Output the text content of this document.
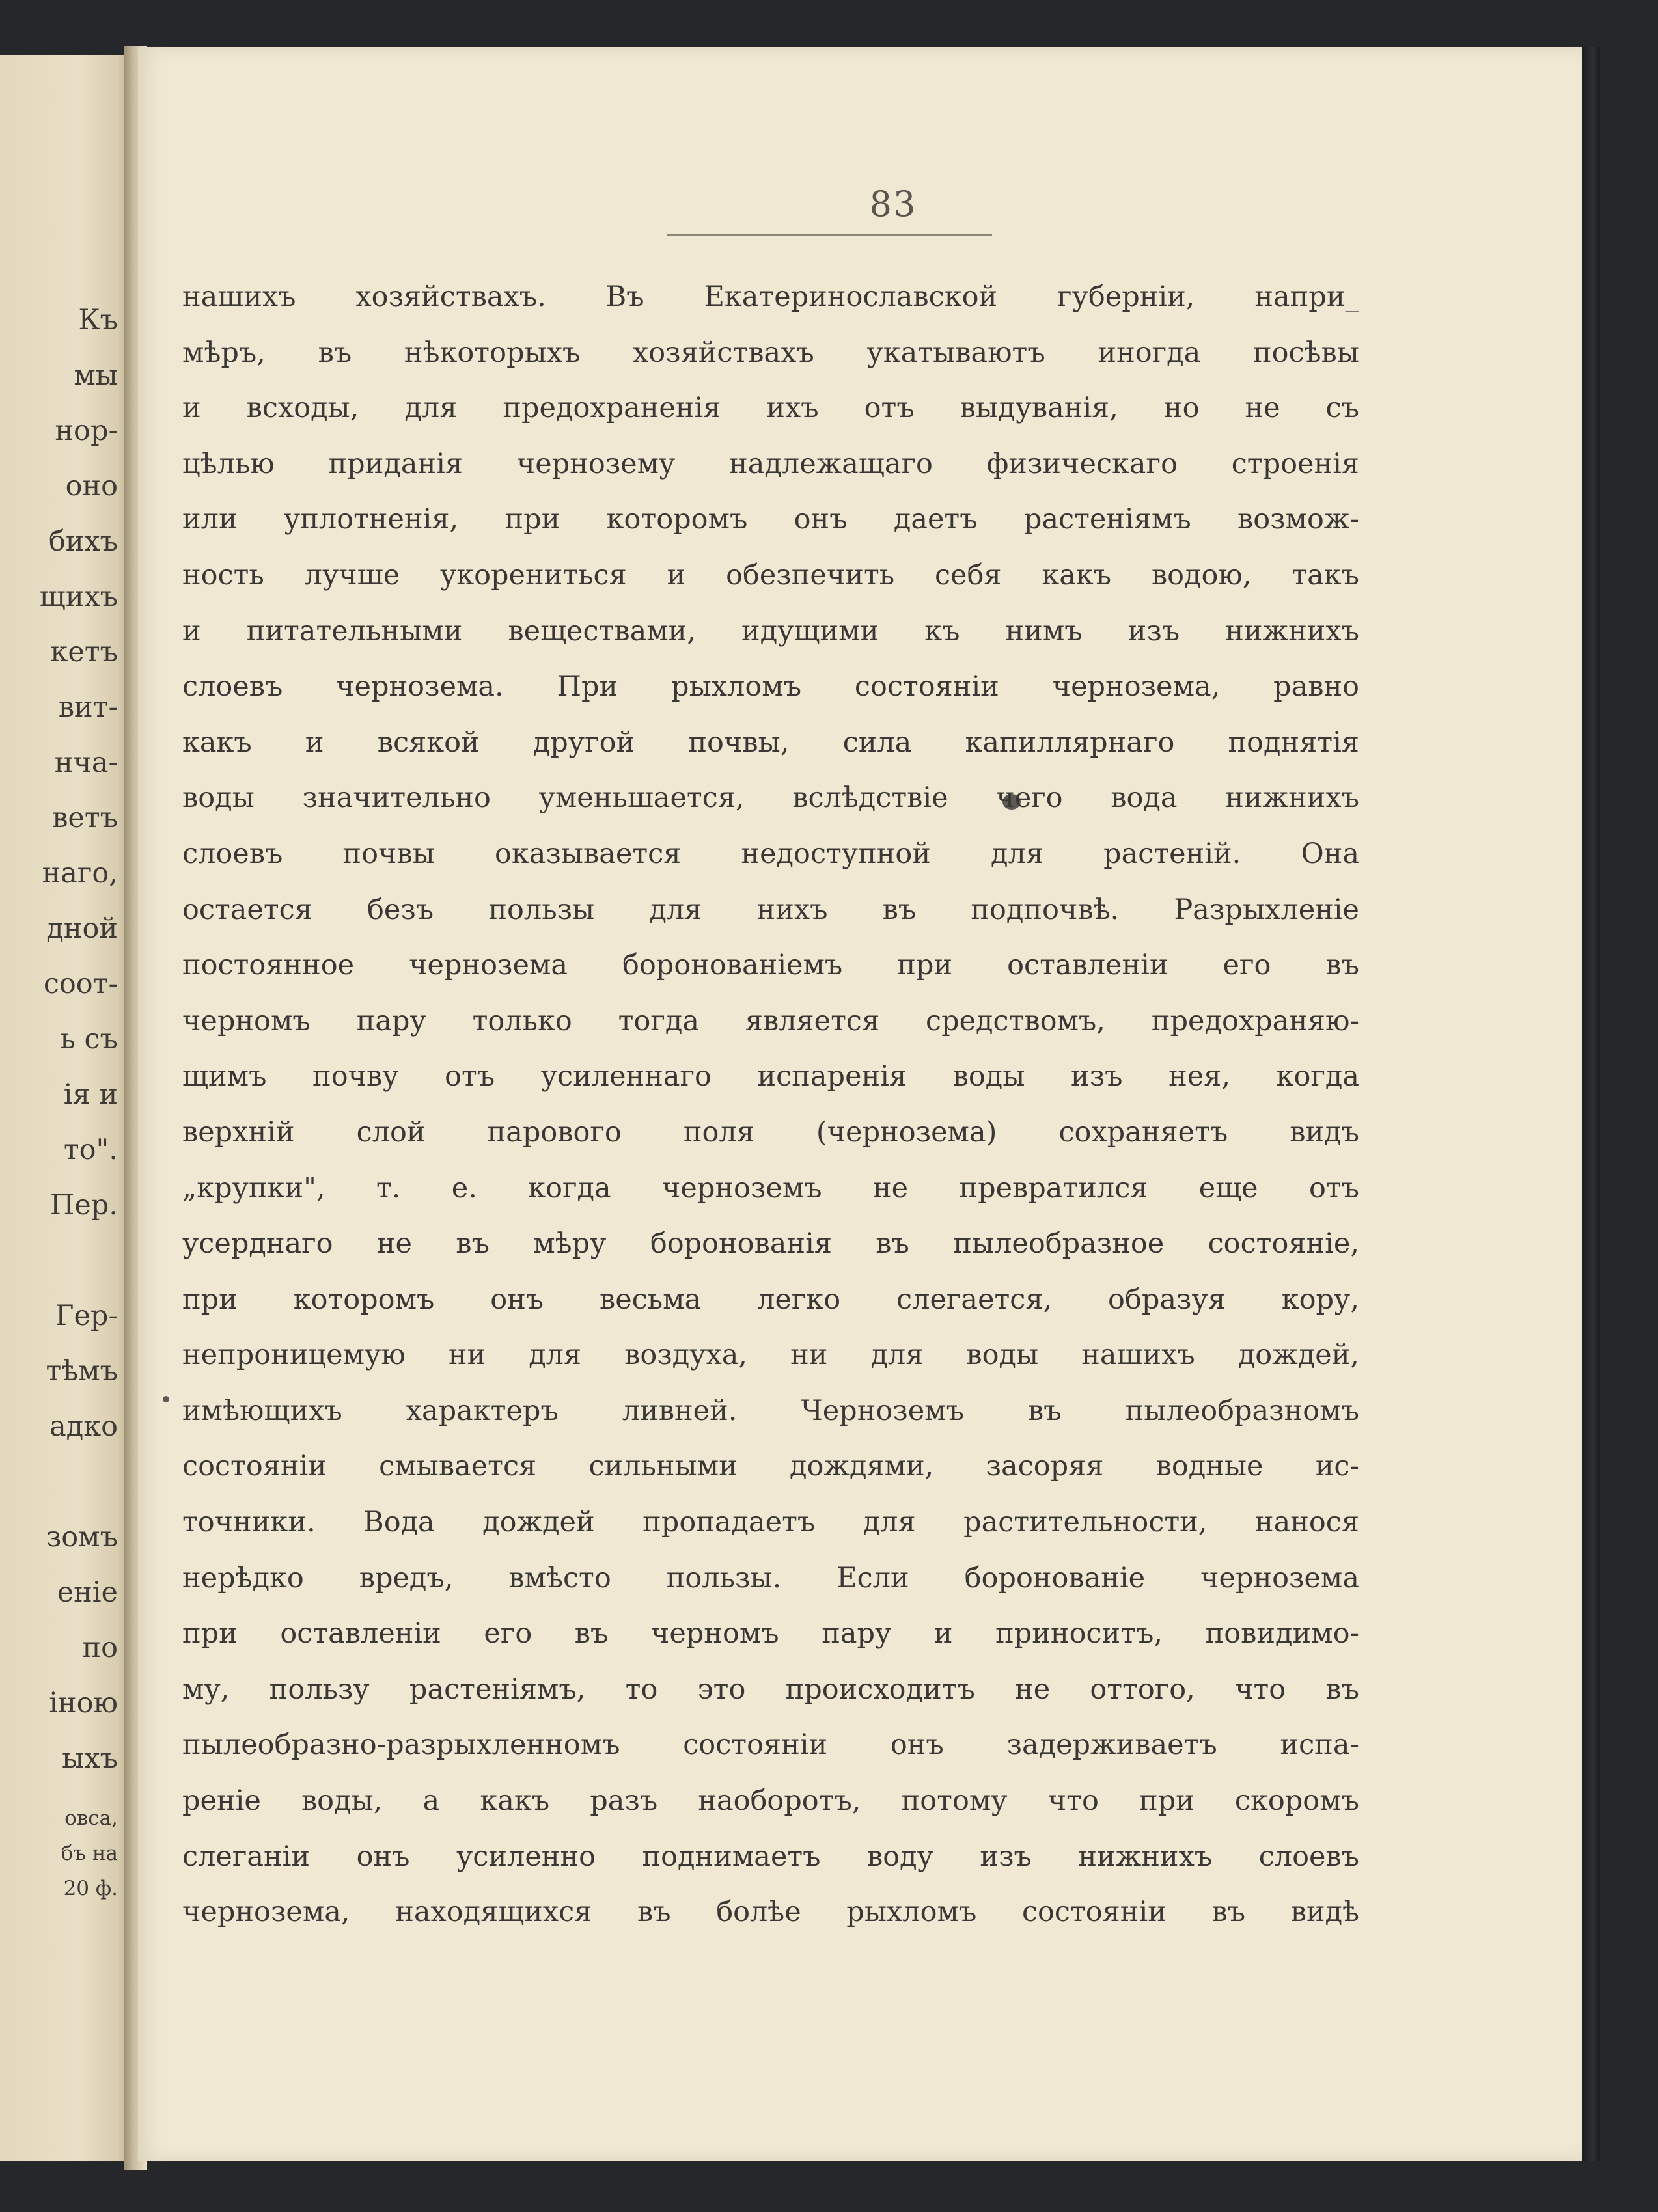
Къ
мы
нор-
оно
бихъ
щихъ
кетъ
вит-
нча-
ветъ
наго,
дной
соот-
ь съ
ія и
то".
Пер.
Гер-
тѣмъ
адко
зомъ
еніе
по
іною
ыхъ
овса,
бъ на
20 ф.
83
нашихъ хозяйствахъ. Въ Екатеринославской губерніи, напри_
мѣръ, въ нѣкоторыхъ хозяйствахъ укатываютъ иногда посѣвы
и всходы, для предохраненія ихъ отъ выдуванія, но не съ
цѣлью приданія чернозему надлежащаго физическаго строенія
или уплотненія, при которомъ онъ даетъ растеніямъ возмож-
ность лучше укорениться и обезпечить себя какъ водою, такъ
и питательными веществами, идущими къ нимъ изъ нижнихъ
слоевъ чернозема. При рыхломъ состояніи чернозема, равно
какъ и всякой другой почвы, сила капиллярнаго поднятія
воды значительно уменьшается, вслѣдствіе чего вода нижнихъ
слоевъ почвы оказывается недоступной для растеній. Она
остается безъ пользы для нихъ въ подпочвѣ. Разрыхленіе
постоянное чернозема боронованіемъ при оставленіи его въ
черномъ пару только тогда является средствомъ, предохраняю-
щимъ почву отъ усиленнаго испаренія воды изъ нея, когда
верхній слой парового поля (чернозема) сохраняетъ видъ
„крупки", т. е. когда черноземъ не превратился еще отъ
усерднаго не въ мѣру боронованія въ пылеобразное состояніе,
при которомъ онъ весьма легко слегается, образуя кору,
непроницемую ни для воздуха, ни для воды нашихъ дождей,
имѣющихъ характеръ ливней. Черноземъ въ пылеобразномъ
состояніи смывается сильными дождями, засоряя водные ис-
точники. Вода дождей пропадаетъ для растительности, нанося
нерѣдко вредъ, вмѣсто пользы. Если боронованіе чернозема
при оставленіи его въ черномъ пару и приноситъ, повидимо-
му, пользу растеніямъ, то это происходитъ не оттого, что въ
пылеобразно-разрыхленномъ состояніи онъ задерживаетъ испа-
реніе воды, а какъ разъ наоборотъ, потому что при скоромъ
слеганіи онъ усиленно поднимаетъ воду изъ нижнихъ слоевъ
чернозема, находящихся въ болѣе рыхломъ состояніи въ видѣ
